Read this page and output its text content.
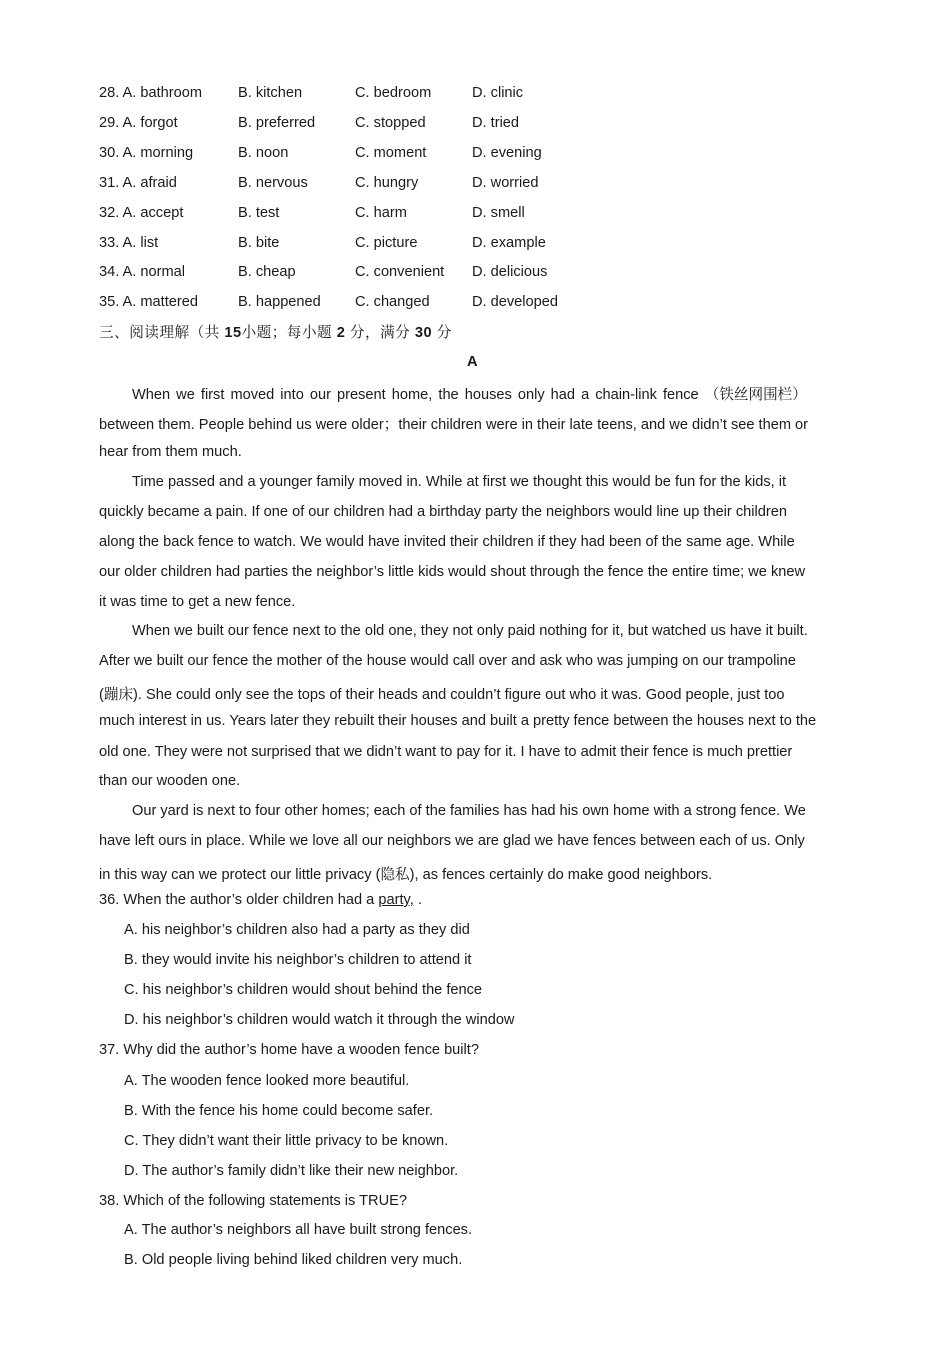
28. A. bathroom B. kitchen	C. bedroom	D. clinic
29. A. forgot	B. preferred	C. stopped	D. tried
30. A. morning	B. noon	C. moment	D. evening
31. A. afraid	B. nervous	C. hungry	D. worried
32. A. accept	B. test	C. harm	D. smell
33. A. list	B. bite	C. picture	D. example
34. A. normal	B. cheap	C. convenient D. delicious
35. A. mattered	B. happened C. changed	D. developed
三、阅读理解（共 15小题；每小题 2 分，满分 30 分
A
When we first moved into our present home, the houses only had a chain-link fence （铁丝网围栏）
between them. People behind us were older；their children were in their late teens, and we didn’t see them or
hear from them much.
Time passed and a younger family moved in. While at first we thought this would be fun for the kids, it
quickly became a pain. If one of our children had a birthday party the neighbors would line up their children
along the back fence to watch. We would have invited their children if they had been of the same age. While
our older children had parties the neighbor’s little kids would shout through the fence the entire time; we knew
it was time to get a new fence.
When we built our fence next to the old one, they not only paid nothing for it, but watched us have it built.
After we built our fence the mother of the house would call over and ask who was jumping on our trampoline
(蹦床). She could only see the tops of their heads and couldn’t figure out who it was. Good people, just too
much interest in us. Years later they rebuilt their houses and built a pretty fence between the houses next to the
old one. They were not surprised that we didn’t want to pay for it. I have to admit their fence is much prettier
than our wooden one.
Our yard is next to four other homes; each of the families has had his own home with a strong fence. We
have left ours in place. While we love all our neighbors we are glad we have fences between each of us. Only
in this way can we protect our little privacy (隐私), as fences certainly do make good neighbors.
36. When the author’s older children had a party, .
A. his neighbor’s children also had a party as they did
B. they would invite his neighbor’s children to attend it
C. his neighbor’s children would shout behind the fence
D. his neighbor’s children would watch it through the window
37. Why did the author’s home have a wooden fence built?
A. The wooden fence looked more beautiful.
B. With the fence his home could become safer.
C. They didn’t want their little privacy to be known.
D. The author’s family didn’t like their new neighbor.
38. Which of the following statements is TRUE?
A. The author’s neighbors all have built strong fences.
B. Old people living behind liked children very much.
